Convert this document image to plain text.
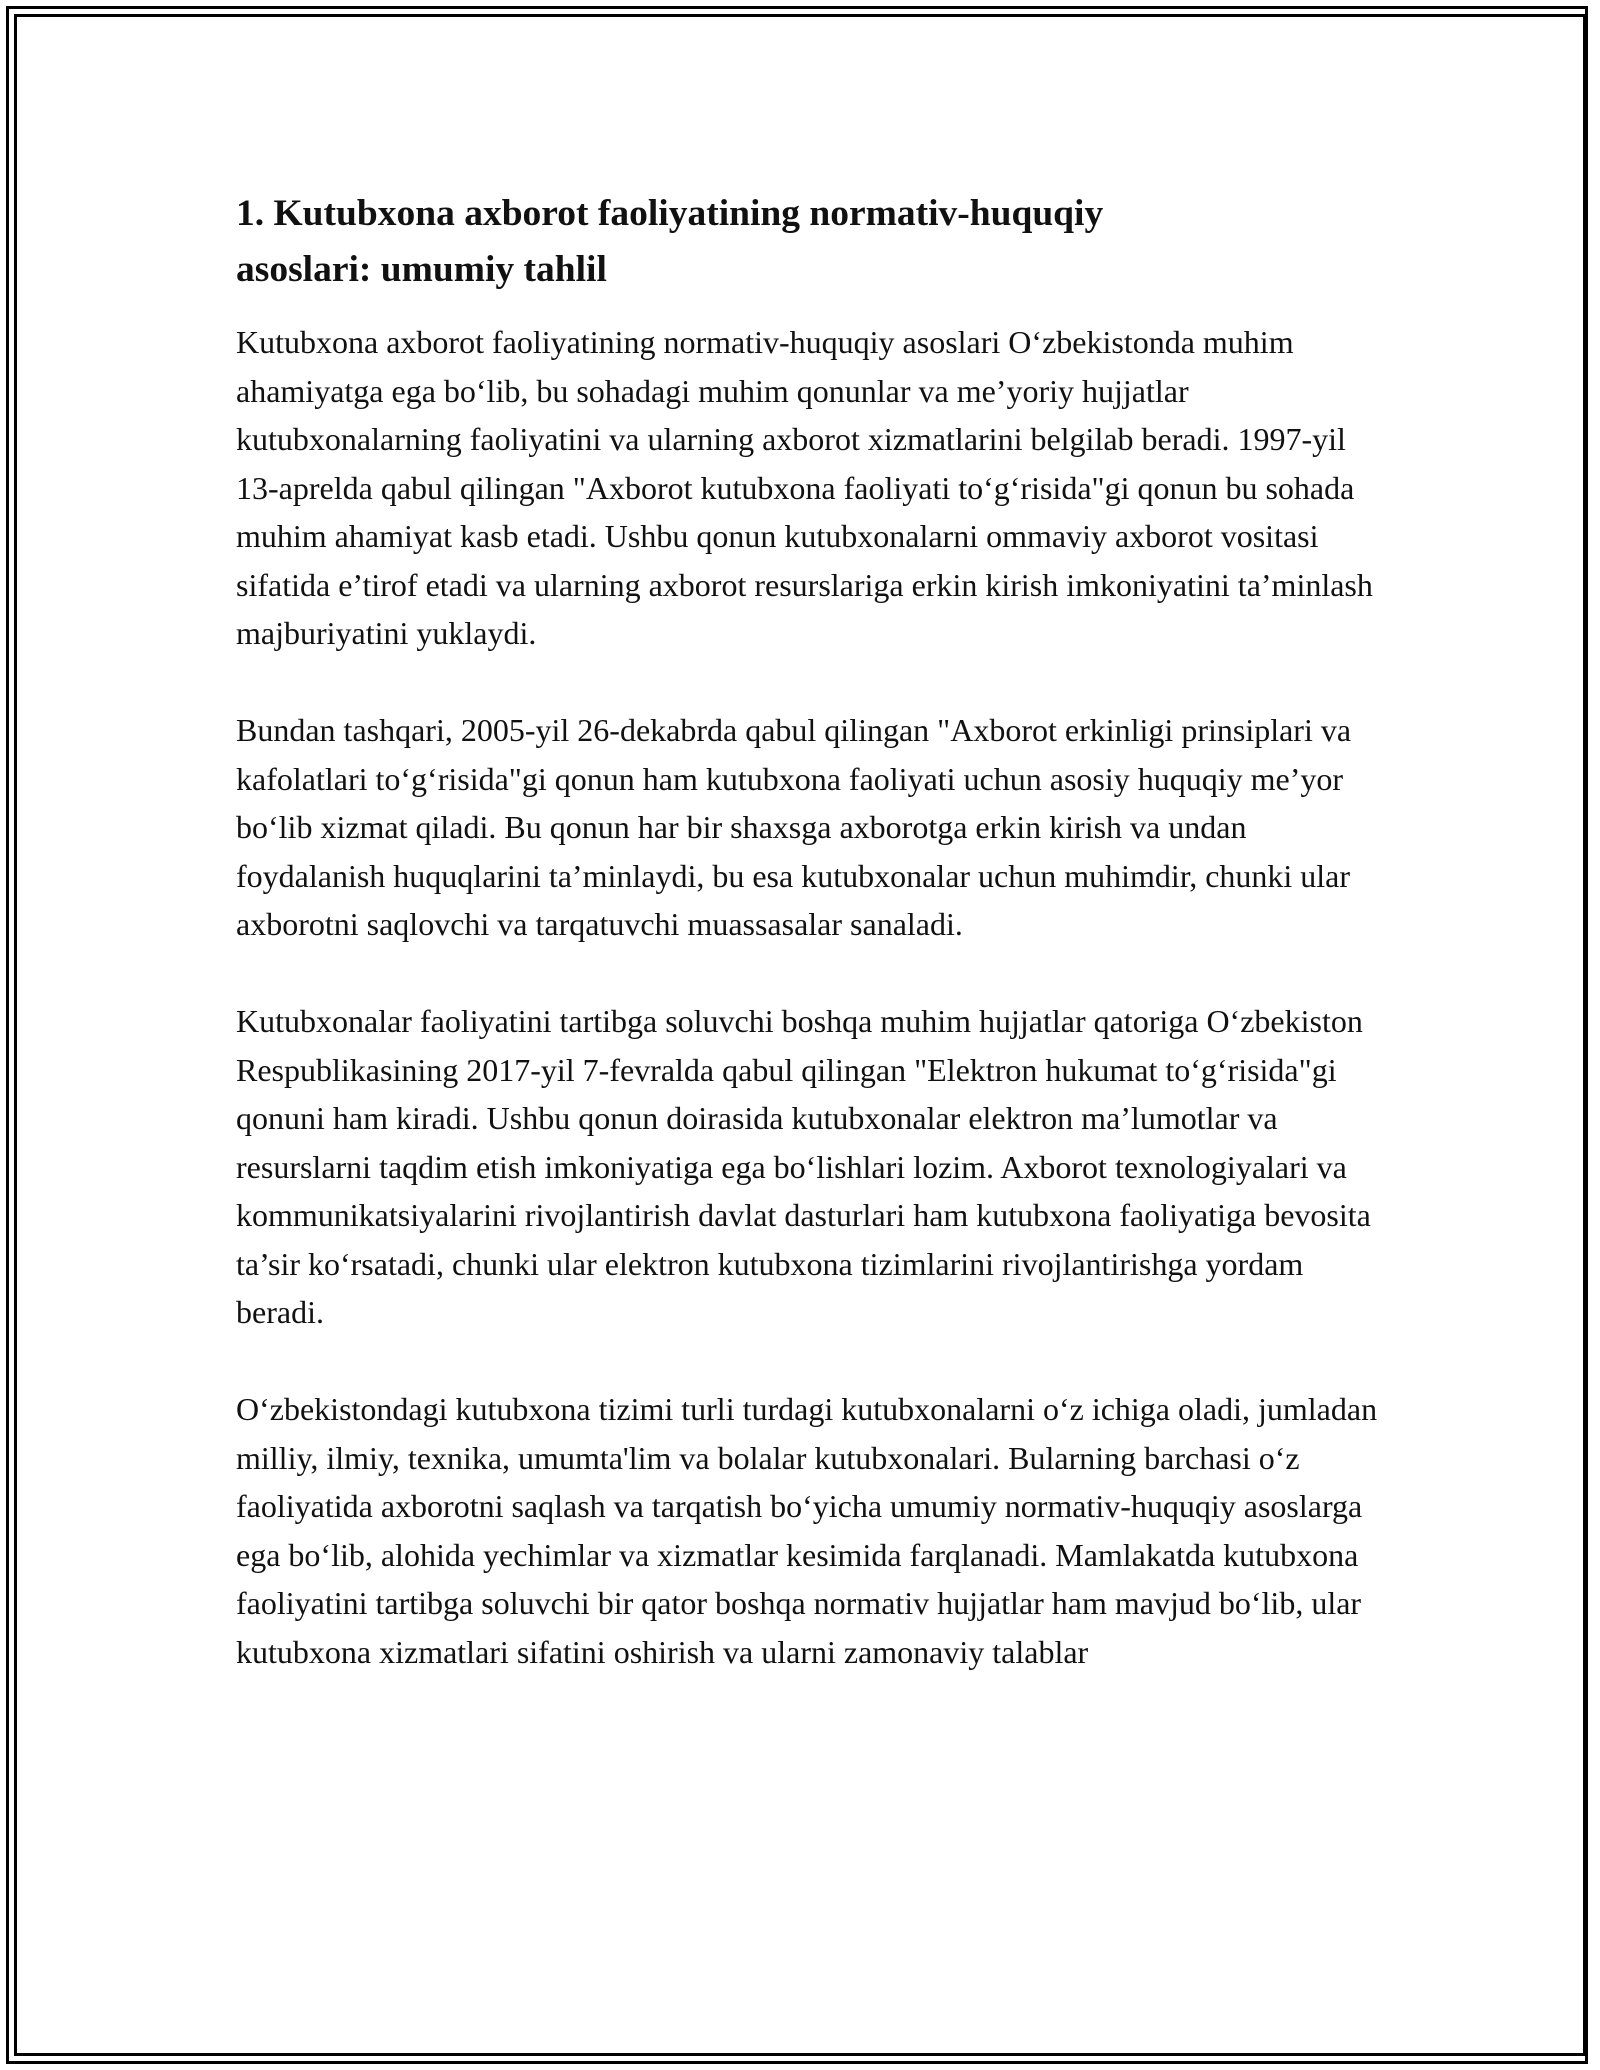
1. Kutubxona axborot faoliyatining normativ-huquqiy
asoslari: umumiy tahlil

Kutubxona axborot faoliyatining normativ-huquqiy asoslari O‘zbekistonda muhim ahamiyatga ega bo‘lib, bu sohadagi muhim qonunlar va me’yoriy hujjatlar kutubxonalarning faoliyatini va ularning axborot xizmatlarini belgilab beradi. 1997-yil 13-aprelda qabul qilingan "Axborot kutubxona faoliyati to‘g‘risida"gi qonun bu sohada muhim ahamiyat kasb etadi. Ushbu qonun kutubxonalarni ommaviy axborot vositasi sifatida e’tirof etadi va ularning axborot resurslariga erkin kirish imkoniyatini ta’minlash majburiyatini yuklaydi.

Bundan tashqari, 2005-yil 26-dekabrda qabul qilingan "Axborot erkinligi prinsiplari va kafolatlari to‘g‘risida"gi qonun ham kutubxona faoliyati uchun asosiy huquqiy me’yor bo‘lib xizmat qiladi. Bu qonun har bir shaxsga axborotga erkin kirish va undan foydalanish huquqlarini ta’minlaydi, bu esa kutubxonalar uchun muhimdir, chunki ular axborotni saqlovchi va tarqatuvchi muassasalar sanaladi.

Kutubxonalar faoliyatini tartibga soluvchi boshqa muhim hujjatlar qatoriga O‘zbekiston Respublikasining 2017-yil 7-fevralda qabul qilingan "Elektron hukumat to‘g‘risida"gi qonuni ham kiradi. Ushbu qonun doirasida kutubxonalar elektron ma’lumotlar va resurslarni taqdim etish imkoniyatiga ega bo‘lishlari lozim. Axborot texnologiyalari va kommunikatsiyalarini rivojlantirish davlat dasturlari ham kutubxona faoliyatiga bevosita ta’sir ko‘rsatadi, chunki ular elektron kutubxona tizimlarini rivojlantirishga yordam beradi.

O‘zbekistondagi kutubxona tizimi turli turdagi kutubxonalarni o‘z ichiga oladi, jumladan milliy, ilmiy, texnika, umumta'lim va bolalar kutubxonalari. Bularning barchasi o‘z faoliyatida axborotni saqlash va tarqatish bo‘yicha umumiy normativ-huquqiy asoslarga ega bo‘lib, alohida yechimlar va xizmatlar kesimida farqlanadi. Mamlakatda kutubxona faoliyatini tartibga soluvchi bir qator boshqa normativ hujjatlar ham mavjud bo‘lib, ular kutubxona xizmatlari sifatini oshirish va ularni zamonaviy talablar
